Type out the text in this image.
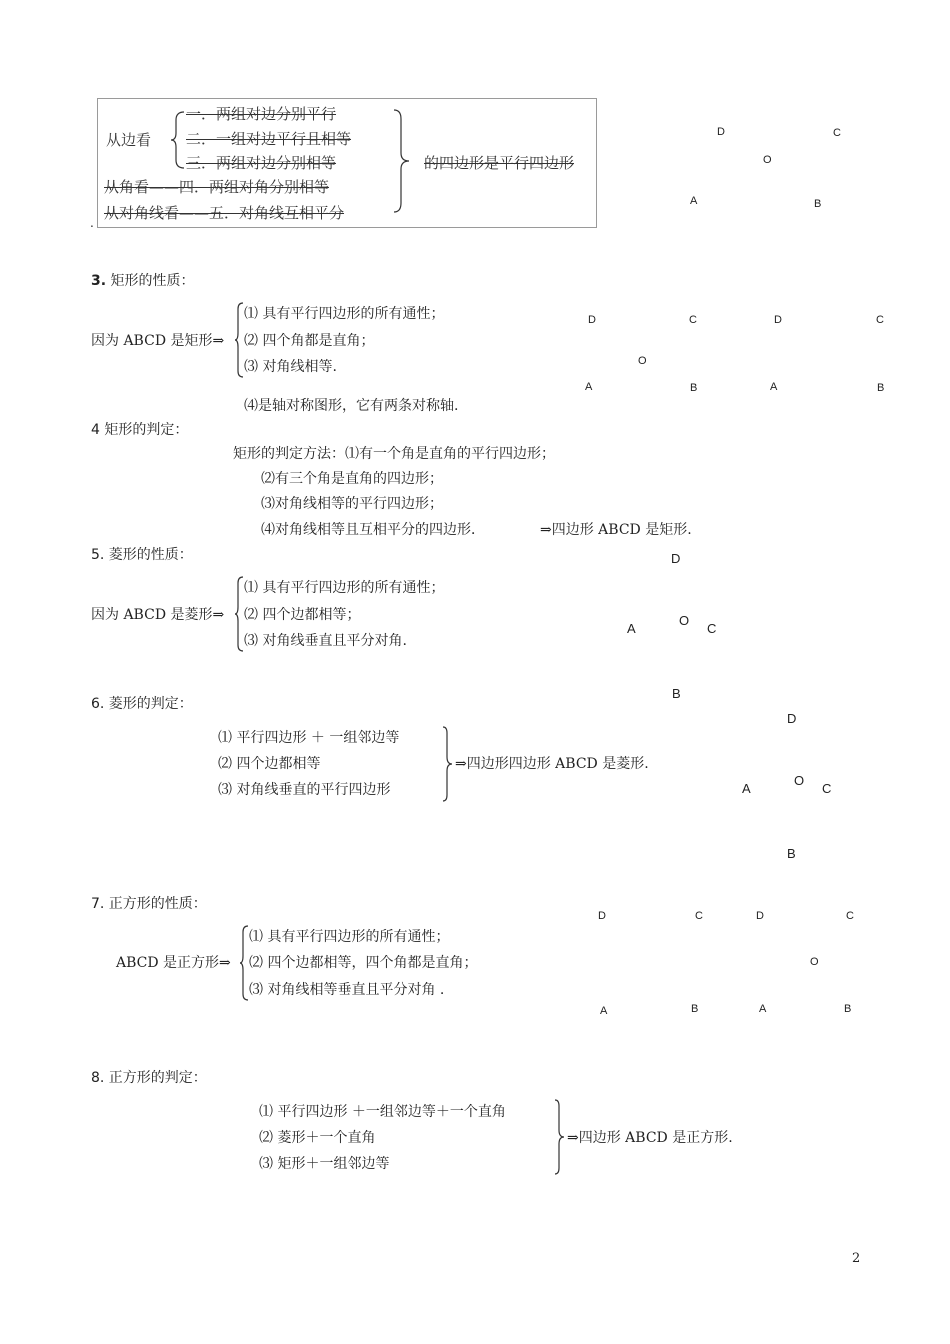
从边看
一．两组对边分别平行
二．一组对边平行且相等
三．两组对边分别相等
从角看——四．两组对角分别相等
从对角线看——五．对角线互相平分
的四边形是平行四边形
.
D	C
O
A	B
3. 矩形的性质：
因为 ABCD 是矩形⇒
⑴ 具有平行四边形的所有通性；
⑵ 四个角都是直角；
⑶ 对角线相等.
⑷是轴对称图形，它有两条对称轴.
D	C
O
A	B
D	C
A	B
4 矩形的判定：
矩形的判定方法：⑴有一个角是直角的平行四边形；
⑵有三个角是直角的四边形；
⑶对角线相等的平行四边形；
⑷对角线相等且互相平分的四边形．	⇒四边形 ABCD 是矩形.
5. 菱形的性质：
因为 ABCD 是菱形⇒
⑴ 具有平行四边形的所有通性；
⑵ 四个边都相等；
⑶ 对角线垂直且平分对角.
D
A
O
C
B
6. 菱形的判定：
⑴ 平行四边形 ＋ 一组邻边等
⑵ 四个边都相等
⑶ 对角线垂直的平行四边形
⇒四边形四边形 ABCD 是菱形.
D
A
O
C
B
7. 正方形的性质：
ABCD 是正方形⇒
⑴ 具有平行四边形的所有通性；
⑵ 四个边都相等，四个角都是直角；
⑶ 对角线相等垂直且平分对角 .
D	C
A	B
D	C
O
A	B
8. 正方形的判定：
⑴ 平行四边形 ＋一组邻边等＋一个直角
⑵ 菱形＋一个直角
⑶ 矩形＋一组邻边等
⇒四边形 ABCD 是正方形.
2
